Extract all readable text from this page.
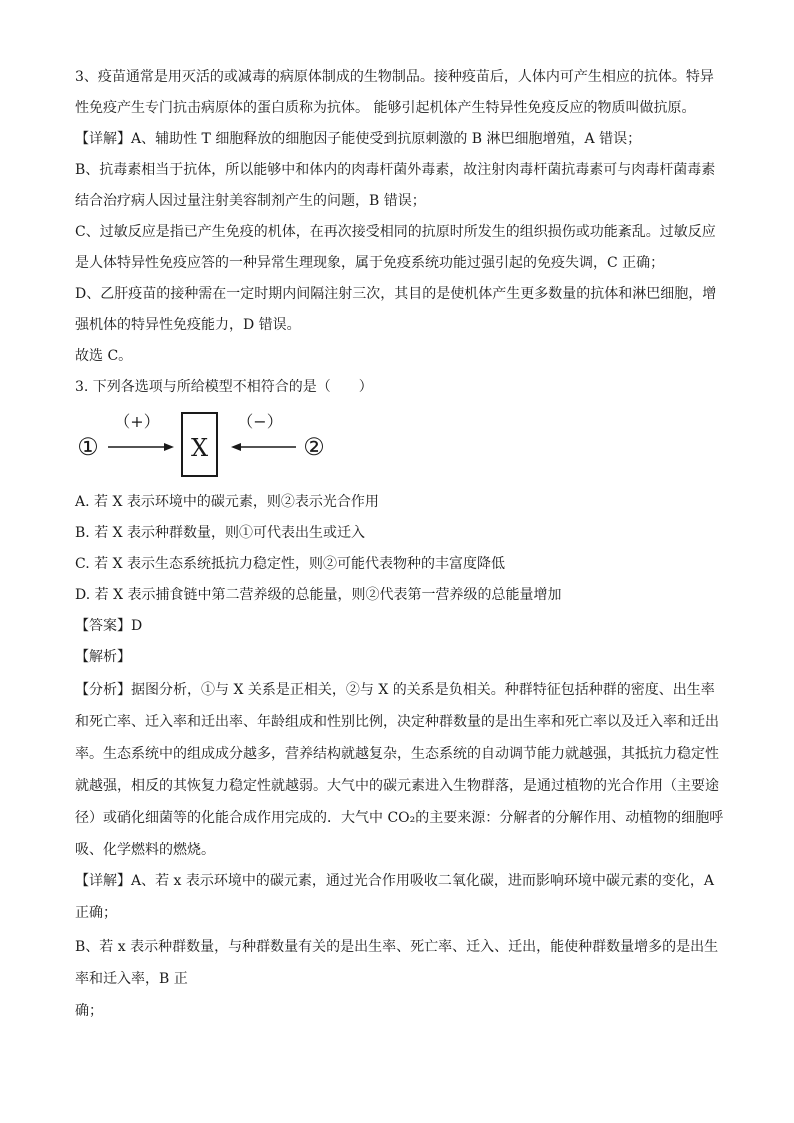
3、疫苗通常是用灭活的或减毒的病原体制成的生物制品。接种疫苗后，人体内可产生相应的抗体。特异

性免疫产生专门抗击病原体的蛋白质称为抗体。 能够引起机体产生特异性免疫反应的物质叫做抗原。

【详解】A、辅助性 T 细胞释放的细胞因子能使受到抗原刺激的 B 淋巴细胞增殖，A 错误；

B、抗毒素相当于抗体，所以能够中和体内的肉毒杆菌外毒素，故注射肉毒杆菌抗毒素可与肉毒杆菌毒素

结合治疗病人因过量注射美容制剂产生的问题，B 错误；

C、过敏反应是指已产生免疫的机体，在再次接受相同的抗原时所发生的组织损伤或功能紊乱。过敏反应

是人体特异性免疫应答的一种异常生理现象，属于免疫系统功能过强引起的免疫失调，C 正确；

D、乙肝疫苗的接种需在一定时期内间隔注射三次，其目的是使机体产生更多数量的抗体和淋巴细胞，增

强机体的特异性免疫能力，D 错误。

故选 C。

3. 下列各选项与所给模型不相符合的是（　　）

①
（+）
X
（−）
②

A. 若 X 表示环境中的碳元素，则②表示光合作用

B. 若 X 表示种群数量，则①可代表出生或迁入

C. 若 X 表示生态系统抵抗力稳定性，则②可能代表物种的丰富度降低

D. 若 X 表示捕食链中第二营养级的总能量，则②代表第一营养级的总能量增加

【答案】D

【解析】

【分析】据图分析，①与 X 关系是正相关，②与 X 的关系是负相关。种群特征包括种群的密度、出生率

和死亡率、迁入率和迁出率、年龄组成和性别比例，决定种群数量的是出生率和死亡率以及迁入率和迁出

率。生态系统中的组成成分越多，营养结构就越复杂，生态系统的自动调节能力就越强，其抵抗力稳定性

就越强，相反的其恢复力稳定性就越弱。大气中的碳元素进入生物群落，是通过植物的光合作用（主要途

径）或硝化细菌等的化能合成作用完成的．大气中 CO₂的主要来源：分解者的分解作用、动植物的细胞呼

吸、化学燃料的燃烧。

【详解】A、若 x 表示环境中的碳元素，通过光合作用吸收二氧化碳，进而影响环境中碳元素的变化，A

正确；

B、若 x 表示种群数量，与种群数量有关的是出生率、死亡率、迁入、迁出，能使种群数量增多的是出生

率和迁入率，B 正

确；
